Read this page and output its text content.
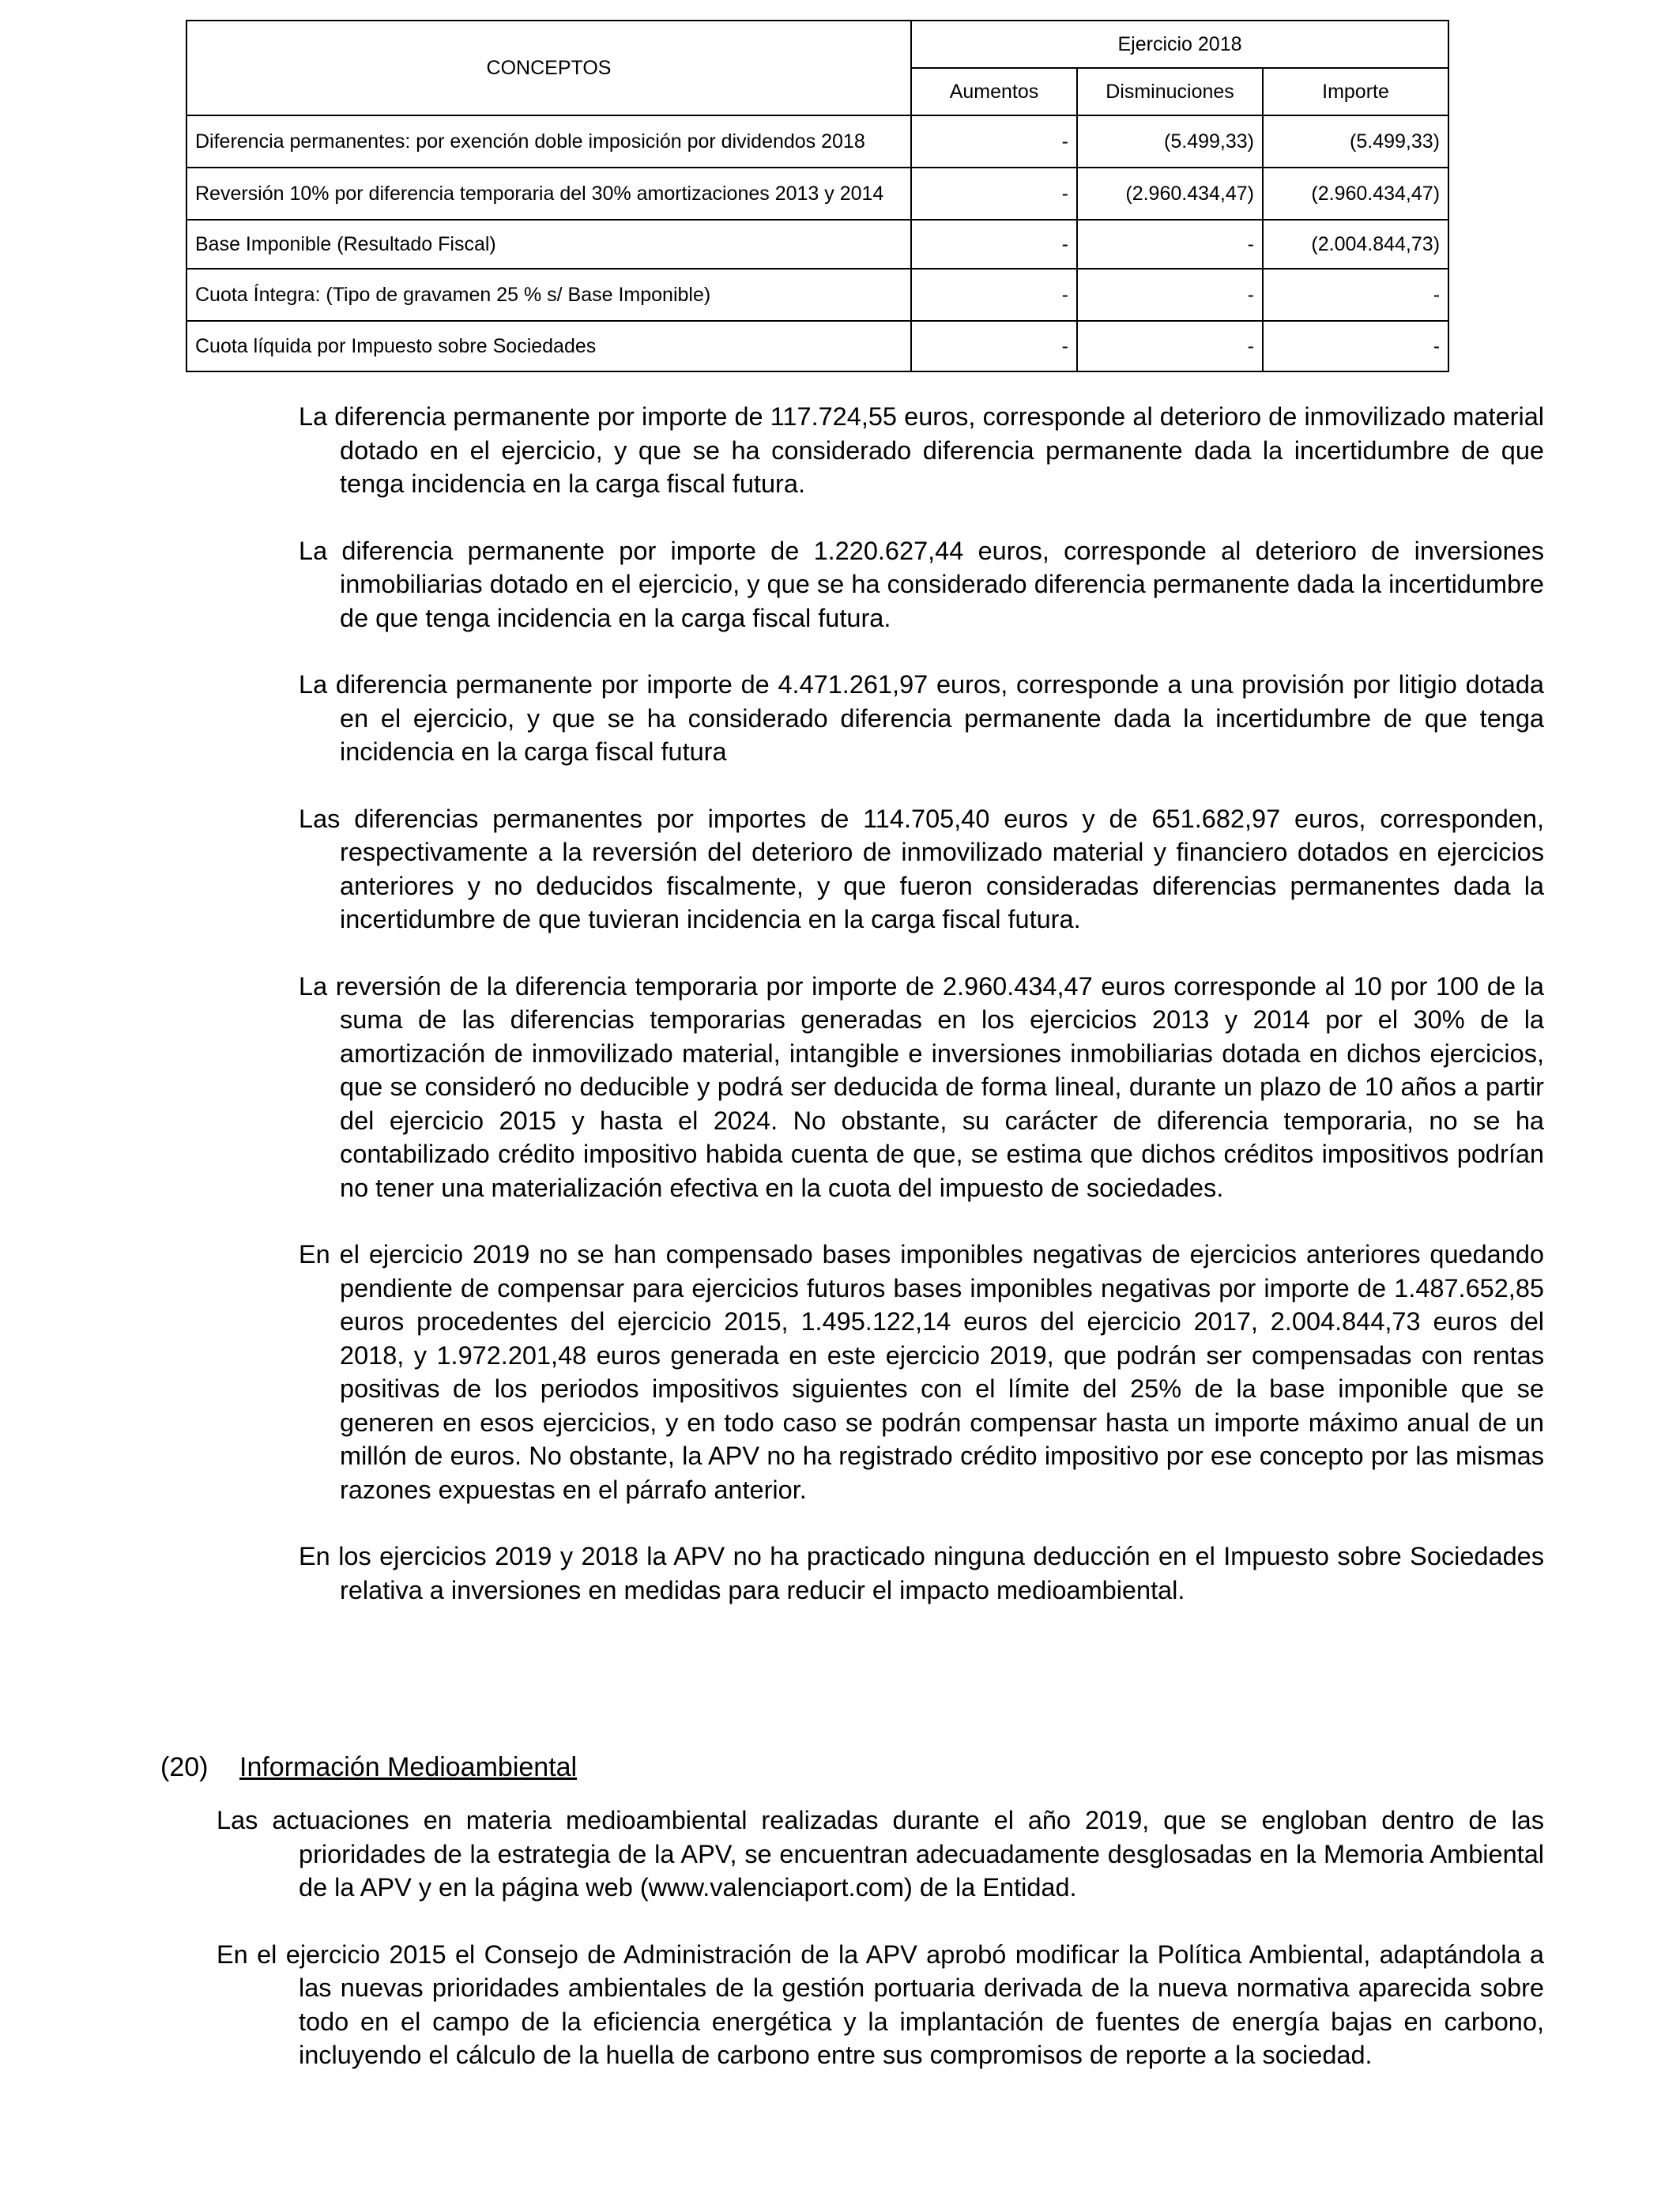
CONCEPTOS	Ejercicio 2018		
	Aumentos	Disminuciones	Importe
Diferencia permanentes: por exención doble imposición por dividendos 2018	-	(5.499,33)	(5.499,33)
Reversión 10% por diferencia temporaria del 30% amortizaciones 2013 y 2014	-	(2.960.434,47)	(2.960.434,47)
Base Imponible (Resultado Fiscal)	-	-	(2.004.844,73)
Cuota Íntegra: (Tipo de gravamen 25 % s/ Base Imponible)	-	-	-
Cuota líquida por Impuesto sobre Sociedades	-	-	-

La diferencia permanente por importe de 117.724,55 euros, corresponde al deterioro de inmovilizado material dotado en el ejercicio, y que se ha considerado diferencia permanente dada la incertidumbre de que tenga incidencia en la carga fiscal futura.

La diferencia permanente por importe de 1.220.627,44 euros, corresponde al deterioro de inversiones inmobiliarias dotado en el ejercicio, y que se ha considerado diferencia permanente dada la incertidumbre de que tenga incidencia en la carga fiscal futura.

La diferencia permanente por importe de 4.471.261,97 euros, corresponde a una provisión por litigio dotada en el ejercicio, y que se ha considerado diferencia permanente dada la incertidumbre de que tenga incidencia en la carga fiscal futura

Las diferencias permanentes por importes de 114.705,40 euros y de 651.682,97 euros, corresponden, respectivamente a la reversión del deterioro de inmovilizado material y financiero dotados en ejercicios anteriores y no deducidos fiscalmente, y que fueron consideradas diferencias permanentes dada la incertidumbre de que tuvieran incidencia en la carga fiscal futura.

La reversión de la diferencia temporaria por importe de 2.960.434,47 euros corresponde al 10 por 100 de la suma de las diferencias temporarias generadas en los ejercicios 2013 y 2014 por el 30% de la amortización de inmovilizado material, intangible e inversiones inmobiliarias dotada en dichos ejercicios, que se consideró no deducible y podrá ser deducida de forma lineal, durante un plazo de 10 años a partir del ejercicio 2015 y hasta el 2024. No obstante, su carácter de diferencia temporaria, no se ha contabilizado crédito impositivo habida cuenta de que, se estima que dichos créditos impositivos podrían no tener una materialización efectiva en la cuota del impuesto de sociedades.

En el ejercicio 2019 no se han compensado bases imponibles negativas de ejercicios anteriores quedando pendiente de compensar para ejercicios futuros bases imponibles negativas por importe de 1.487.652,85 euros procedentes del ejercicio 2015, 1.495.122,14 euros del ejercicio 2017, 2.004.844,73 euros del 2018, y 1.972.201,48 euros generada en este ejercicio 2019, que podrán ser compensadas con rentas positivas de los periodos impositivos siguientes con el límite del 25% de la base imponible que se generen en esos ejercicios, y en todo caso se podrán compensar hasta un importe máximo anual de un millón de euros. No obstante, la APV no ha registrado crédito impositivo por ese concepto por las mismas razones expuestas en el párrafo anterior.

En los ejercicios 2019 y 2018 la APV no ha practicado ninguna deducción en el Impuesto sobre Sociedades relativa a inversiones en medidas para reducir el impacto medioambiental.

(20) Información Medioambiental

Las actuaciones en materia medioambiental realizadas durante el año 2019, que se engloban dentro de las prioridades de la estrategia de la APV, se encuentran adecuadamente desglosadas en la Memoria Ambiental de la APV y en la página web (www.valenciaport.com) de la Entidad.

En el ejercicio 2015 el Consejo de Administración de la APV aprobó modificar la Política Ambiental, adaptándola a las nuevas prioridades ambientales de la gestión portuaria derivada de la nueva normativa aparecida sobre todo en el campo de la eficiencia energética y la implantación de fuentes de energía bajas en carbono, incluyendo el cálculo de la huella de carbono entre sus compromisos de reporte a la sociedad.
